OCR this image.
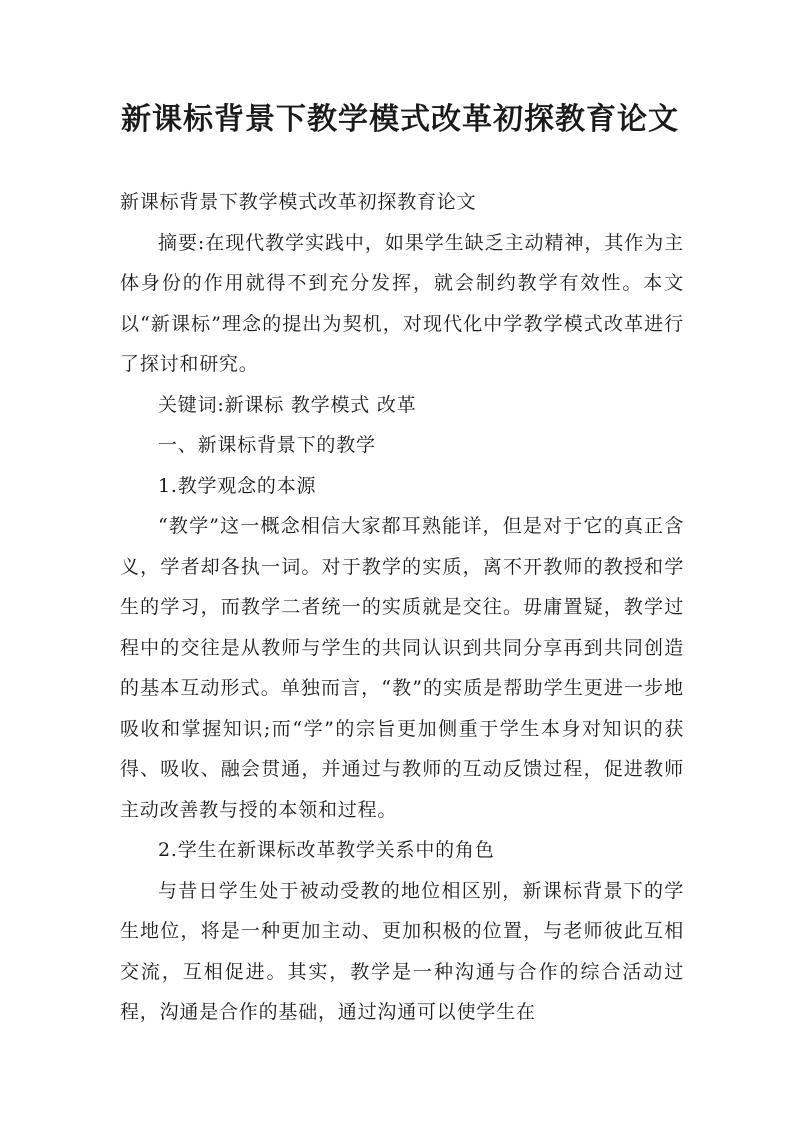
新课标背景下教学模式改革初探教育论文

新课标背景下教学模式改革初探教育论文

摘要:在现代教学实践中，如果学生缺乏主动精神，其作为主体身份的作用就得不到充分发挥，就会制约教学有效性。本文以“新课标”理念的提出为契机，对现代化中学教学模式改革进行了探讨和研究。

关键词:新课标 教学模式 改革

一、新课标背景下的教学

1.教学观念的本源

“教学”这一概念相信大家都耳熟能详，但是对于它的真正含义，学者却各执一词。对于教学的实质，离不开教师的教授和学生的学习，而教学二者统一的实质就是交往。毋庸置疑，教学过程中的交往是从教师与学生的共同认识到共同分享再到共同创造的基本互动形式。单独而言，“教”的实质是帮助学生更进一步地吸收和掌握知识;而“学”的宗旨更加侧重于学生本身对知识的获得、吸收、融会贯通，并通过与教师的互动反馈过程，促进教师主动改善教与授的本领和过程。

2.学生在新课标改革教学关系中的角色

与昔日学生处于被动受教的地位相区别，新课标背景下的学生地位，将是一种更加主动、更加积极的位置，与老师彼此互相交流，互相促进。其实，教学是一种沟通与合作的综合活动过程，沟通是合作的基础，通过沟通可以使学生在
